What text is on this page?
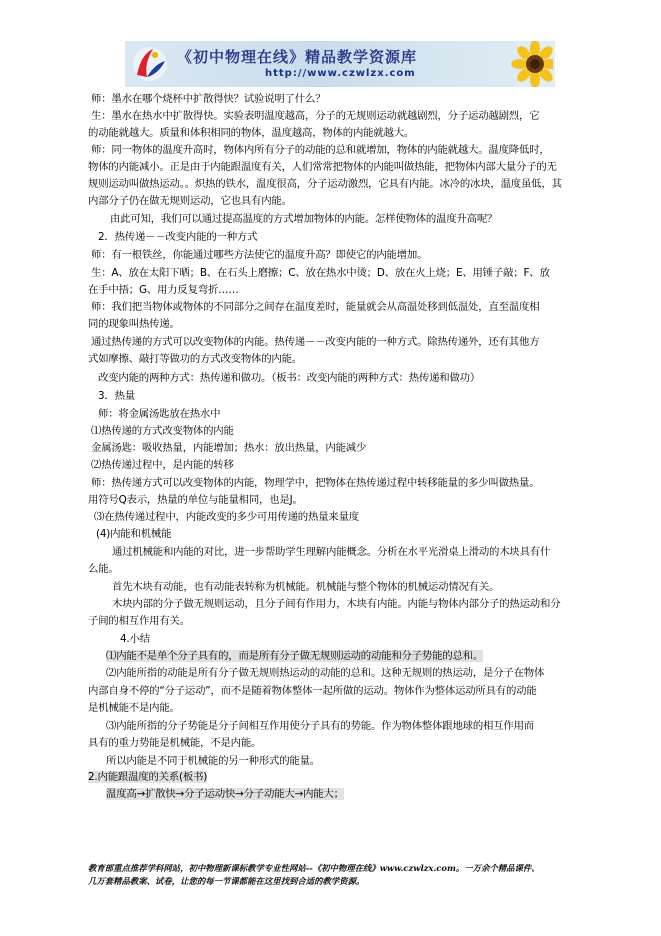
《初中物理在线》精品教学资源库
http://www.czwlzx.com
师：墨水在哪个烧杯中扩散得快？试验说明了什么？
生：墨水在热水中扩散得快。实验表明温度越高，分子的无规则运动就越剧烈，分子运动越剧烈，它
的动能就越大。质量和体积相同的物体，温度越高，物体的内能就越大。
师：同一物体的温度升高时，物体内所有分子的动能的总和就增加，物体的内能就越大。温度降低时，
物体的内能减小。正是由于内能跟温度有关，人们常常把物体的内能叫做热能，把物体内部大量分子的无
规则运动叫做热运动。。炽热的铁水，温度很高，分子运动激烈，它具有内能。冰冷的冰块，温度虽低，其
内部分子仍在做无规则运动，它也具有内能。
由此可知，我们可以通过提高温度的方式增加物体的内能。怎样使物体的温度升高呢？
2．热传递－－改变内能的一种方式
师：有一根铁丝，你能通过哪些方法使它的温度升高？即使它的内能增加。
生：A、放在太阳下晒；B、在石头上磨擦；C、放在热水中烫；D、放在火上烧；E、用锤子敲；F、放
在手中捂；G、用力反复弯折……
师：我们把当物体或物体的不同部分之间存在温度差时，能量就会从高温处移到低温处，直至温度相
同的现象叫热传递。
通过热传递的方式可以改变物体的内能。热传递－－改变内能的一种方式。除热传递外，还有其他方
式如摩擦、敲打等做功的方式改变物体的内能。
改变内能的两种方式：热传递和做功。（板书：改变内能的两种方式：热传递和做功）
3．热量
师：将金属汤匙放在热水中
⑴热传递的方式改变物体的内能
金属汤匙：吸收热量，内能增加；热水：放出热量，内能减少
⑵热传递过程中，是内能的转移
师：热传递方式可以改变物体的内能，物理学中，把物体在热传递过程中转移能量的多少叫做热量。
用符号Q表示，热量的单位与能量相同，也是J。
⑶在热传递过程中，内能改变的多少可用传递的热量来量度
(4)内能和机械能
通过机械能和内能的对比，进一步帮助学生理解内能概念。分析在水平光滑桌上滑动的木块具有什
么能。
首先木块有动能，也有动能表转称为机械能。机械能与整个物体的机械运动情况有关。
木块内部的分子做无规则运动，且分子间有作用力，木块有内能。内能与物体内部分子的热运动和分
子间的相互作用有关。
4.小结
⑴内能不是单个分子具有的，而是所有分子做无规则运动的动能和分子势能的总和。
⑵内能所指的动能是所有分子做无规则热运动的动能的总和。这种无规则的热运动，是分子在物体
内部自身不停的“分子运动”，而不是随着物体整体一起所做的运动。物体作为整体运动所具有的动能
是机械能不是内能。
⑶内能所指的分子势能是分子间相互作用使分子具有的势能。作为物体整体跟地球的相互作用而
具有的重力势能是机械能，不是内能。
所以内能是不同于机械能的另一种形式的能量。
2.内能跟温度的关系(板书)
温度高→扩散快→分子运动快→分子动能大→内能大；
教育部重点推荐学科网站，初中物理新课标教学专业性网站--《初中物理在线》www.czwlzx.com。一万余个精品课件、
几万套精品教案、试卷，让您的每一节课都能在这里找到合适的教学资源。
